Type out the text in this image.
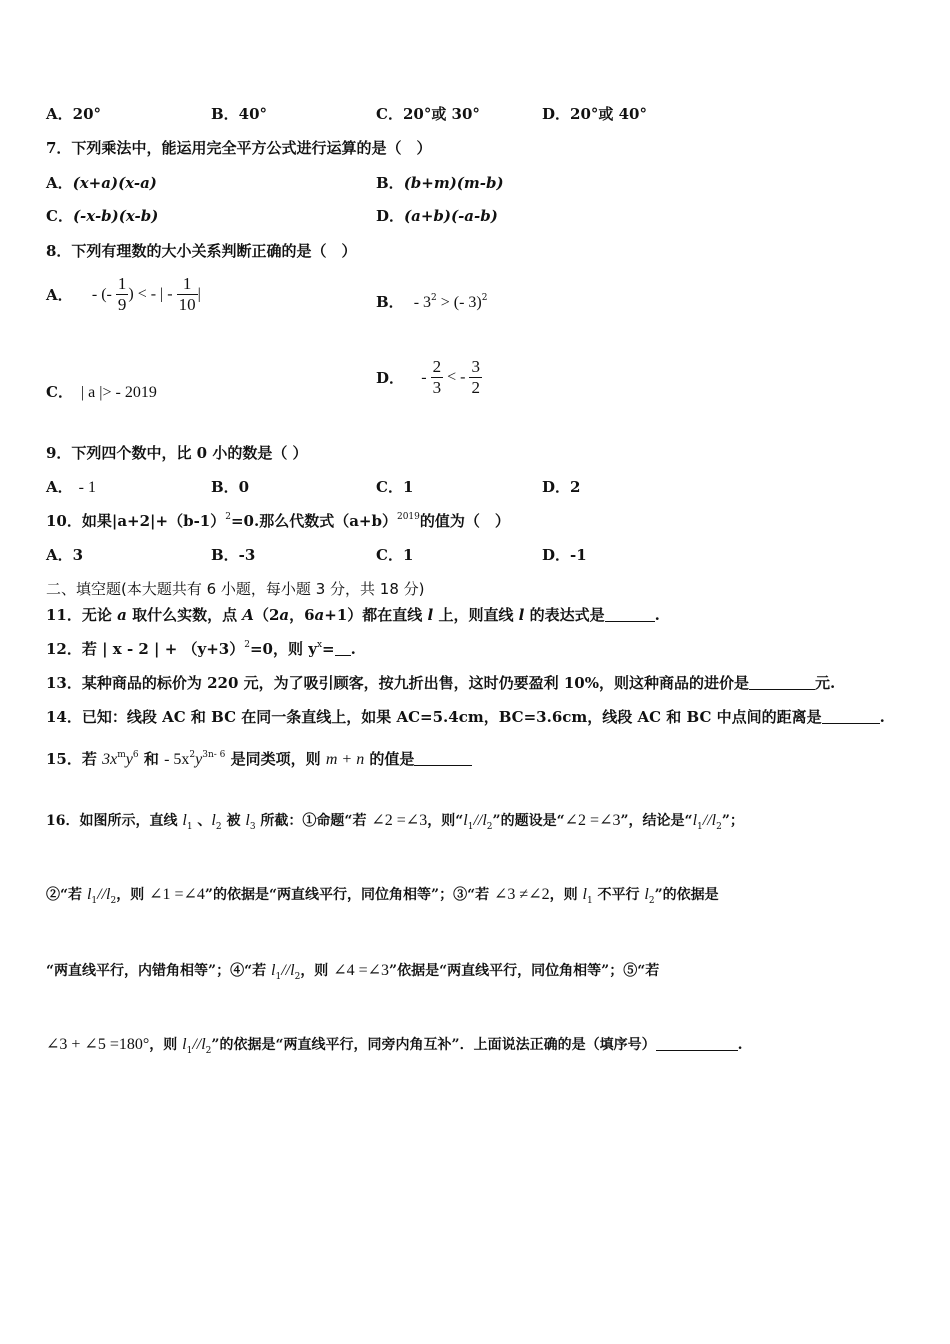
A．20°	B．40°	C．20°或 30°	D．20°或 40°
7．下列乘法中，能运用完全平方公式进行运算的是（　）
A．(x+a)(x-a)	B．(b+m)(m-b)
C．(-x-b)(x-b)	D．(a+b)(-a-b)
8．下列有理数的大小关系判断正确的是（　）
A． - (- $\frac{1}{9}$ ) < - | - $\frac{1}{10}$ |	B． - $3^2$ > (- 3)$^2$
C． | a |> - 2019
D． - $\frac{2}{3}$ < - $\frac{3}{2}$
9．下列四个数中，比 0 小的数是（ ）
A． - 1	B．0	C．1	D．2
10．如果$|a+2|+(b-1)^2=0$.那么代数式$(a+b)^{2019}$的值为（　）
A．3	B．-3	C．1	D．-1
二、填空题(本大题共有 6 小题，每小题 3 分，共 18 分)
11．无论 a 取什么实数，点 A（2a，6a+1）都在直线 l 上，则直线 l 的表达式是	.
12．若 | x - 2 | + $(y+3)^2=0$，则 $y^x=$ .
13．某种商品的标价为 220 元，为了吸引顾客，按九折出售，这时仍要盈利 10%，则这种商品的进价是	元.
14．已知：线段 AC 和 BC 在同一条直线上，如果 AC=5.4cm，BC=3.6cm，线段 AC 和 BC 中点间的距离是	.
15．若 $3x^my^6$ 和 - $5x^2y^{3n- 6}$ 是同类项，则 m + n 的值是
16．如图所示，直线 $l_1$ 、$l_2$ 被 $l_3$ 所截：①命题“若 ∠2 =∠3，则“$l_1//l_2$”的题设是“∠2 =∠3”，结论是“$l_1//l_2$”；
②“若 $l_1//l_2$，则 ∠1 =∠4”的依据是“两直线平行，同位角相等”；③“若 ∠3 ≠∠2，则 $l_1$ 不平行 $l_2$”的依据是
“两直线平行，内错角相等”；④“若 $l_1//l_2$，则 ∠4 =∠3”依据是“两直线平行，同位角相等”；⑤“若
∠3 + ∠5 =180°，则 $l_1//l_2$”的依据是“两直线平行，同旁内角互补”．上面说法正确的是（填序号）	.
